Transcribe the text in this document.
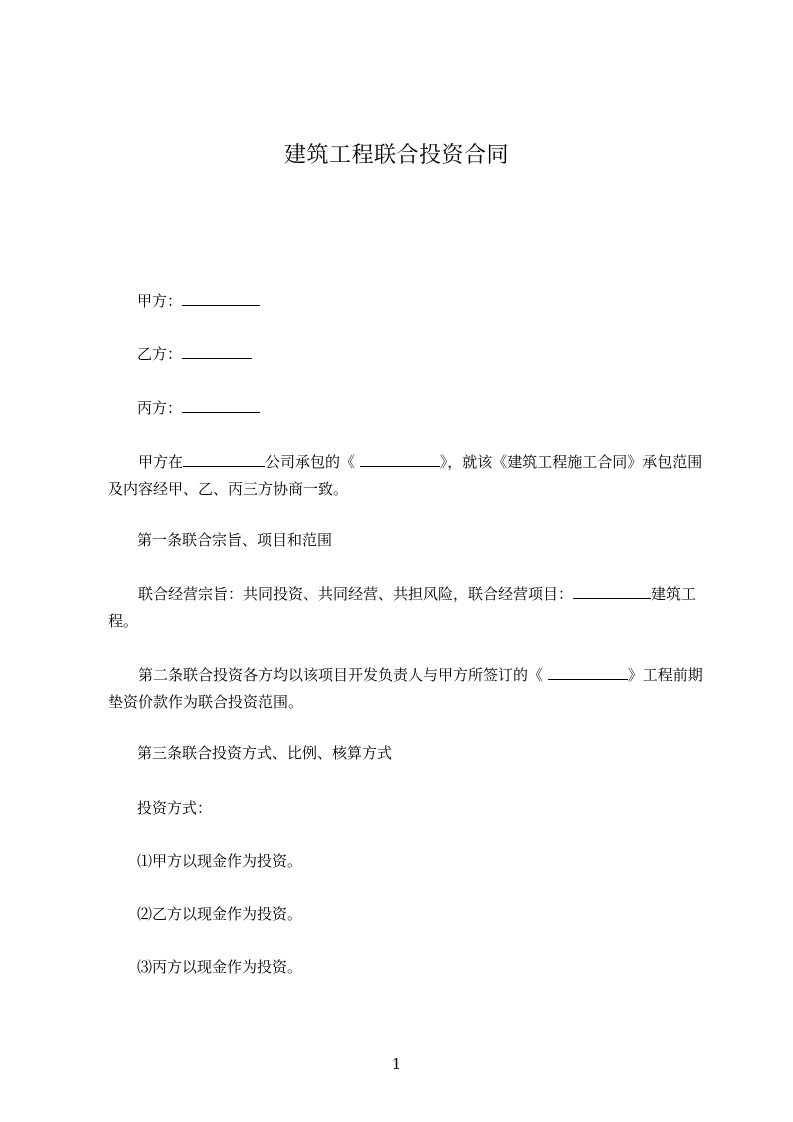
建筑工程联合投资合同
甲方：
乙方：
丙方：
甲方在	公司承包的《	》，就该《建筑工程施工合同》承包范围及内容经甲、乙、丙三方协商一致。
第一条联合宗旨、项目和范围
联合经营宗旨：共同投资、共同经营、共担风险，联合经营项目：	建筑工程。
第二条联合投资各方均以该项目开发负责人与甲方所签订的《	》工程前期垫资价款作为联合投资范围。
第三条联合投资方式、比例、核算方式
投资方式：
⑴甲方以现金作为投资。
⑵乙方以现金作为投资。
⑶丙方以现金作为投资。
1
